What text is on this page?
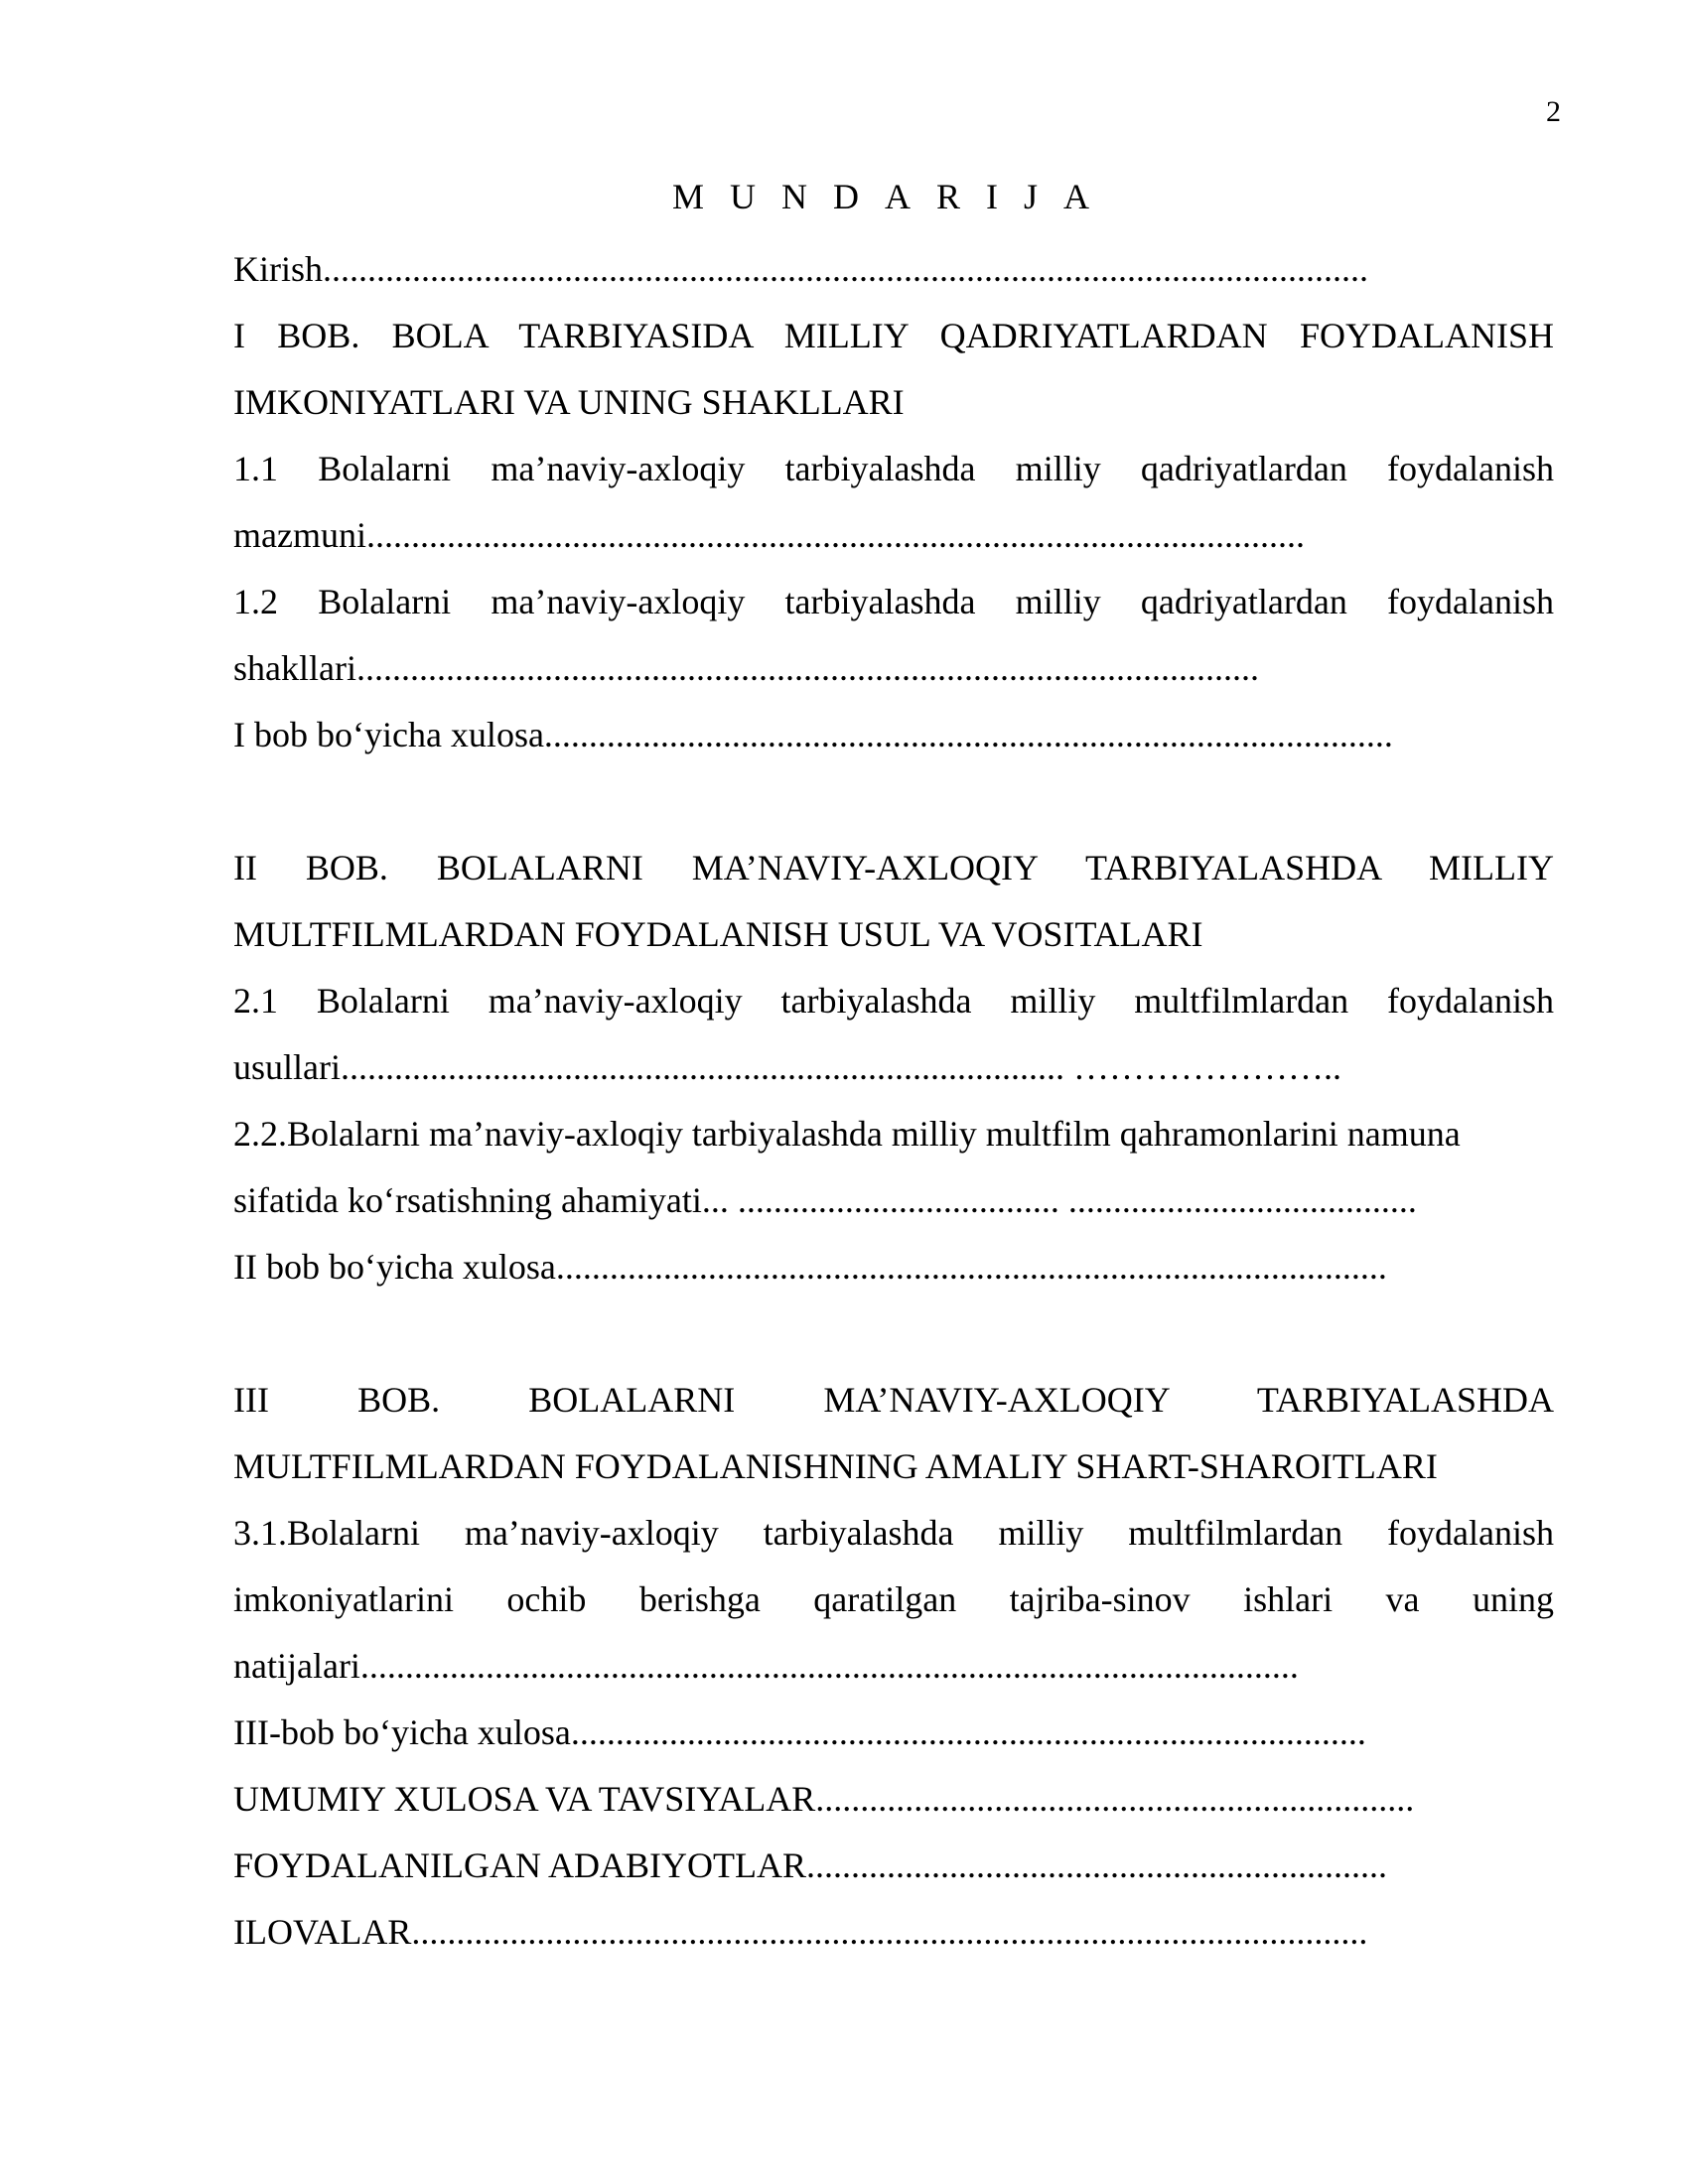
2
MUNDARIJA

Kirish.....................................................................................................................

I BOB. BOLA TARBIYASIDA MILLIY QADRIYATLARDAN FOYDALANISH

IMKONIYATLARI VA UNING SHAKLLARI

1.1 Bolalarni ma’naviy-axloqiy tarbiyalashda milliy qadriyatlardan foydalanish

mazmuni.........................................................................................................

1.2 Bolalarni ma’naviy-axloqiy tarbiyalashda milliy qadriyatlardan foydalanish

shakllari.....................................................................................................

I bob bo‘yicha xulosa...............................................................................................

II BOB. BOLALARNI MA’NAVIY-AXLOQIY TARBIYALASHDA MILLIY

MULTFILMLARDAN FOYDALANISH USUL VA VOSITALARI

2.1 Bolalarni ma’naviy-axloqiy tarbiyalashda milliy multfilmlardan foydalanish

usullari................................................................................. …………………..

2.2.Bolalarni ma’naviy-axloqiy tarbiyalashda milliy multfilm qahramonlarini namuna

sifatida ko‘rsatishning ahamiyati... .................................... .......................................

II bob bo‘yicha xulosa.............................................................................................

III BOB. BOLALARNI MA’NAVIY-AXLOQIY TARBIYALASHDA

MULTFILMLARDAN FOYDALANISHNING AMALIY SHART-SHAROITLARI

3.1.Bolalarni ma’naviy-axloqiy tarbiyalashda milliy multfilmlardan foydalanish

imkoniyatlarini ochib berishga qaratilgan tajriba-sinov ishlari va uning

natijalari.........................................................................................................

III-bob bo‘yicha xulosa.........................................................................................

UMUMIY XULOSA VA TAVSIYALAR...................................................................

FOYDALANILGAN ADABIYOTLAR.................................................................

ILOVALAR...........................................................................................................
